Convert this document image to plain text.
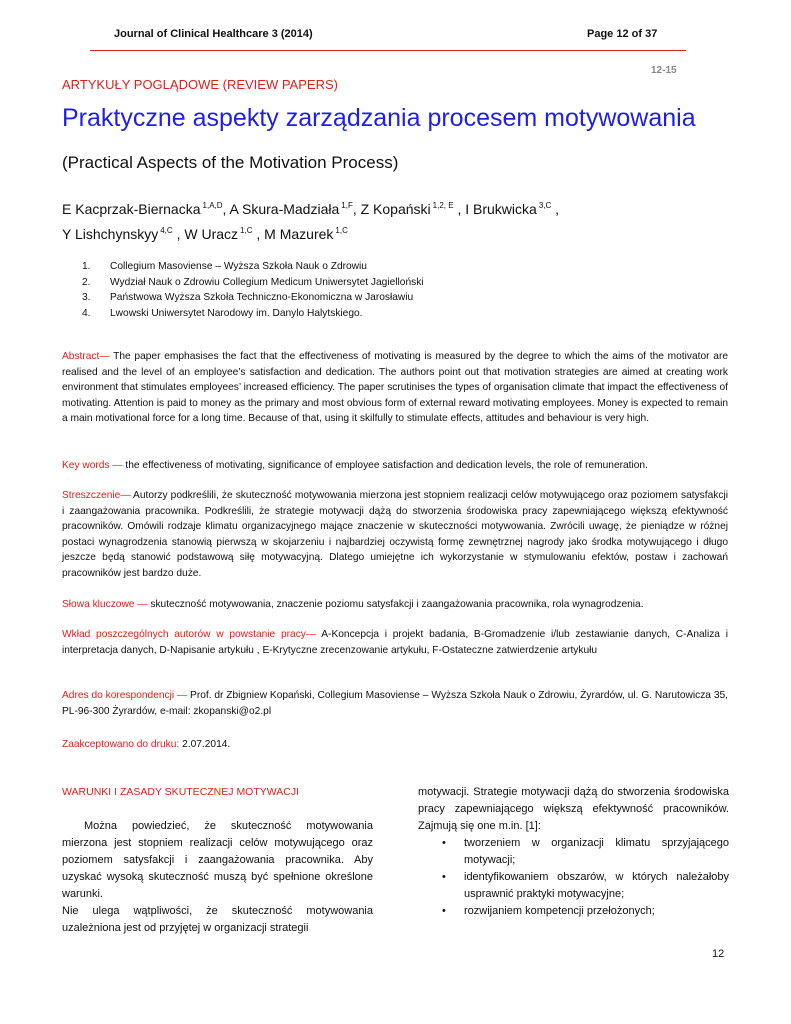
Journal of Clinical Healthcare 3 (2014)	Page 12 of 37
12-15
ARTYKUŁY POGLĄDOWE (REVIEW PAPERS)
Praktyczne aspekty zarządzania procesem motywowania
(Practical Aspects of the Motivation Process)
E Kacprzak-Biernacka $^{1,A,D}$, A Skura-Madziała $^{1,F}$, Z Kopański $^{1,2, E}$ , I Brukwicka $^{3,C}$ ,
Y Lishchynskyy $^{4,C}$ , W Uracz $^{1,C}$ , M Mazurek $^{1,C}$
1. Collegium Masoviense – Wyższa Szkoła Nauk o Zdrowiu
2. Wydział Nauk o Zdrowiu Collegium Medicum Uniwersytet Jagielloński
3. Państwowa Wyższa Szkoła Techniczno-Ekonomiczna w Jarosławiu
4. Lwowski Uniwersytet Narodowy im. Danylo Halytskiego.
Abstract— The paper emphasises the fact that the effectiveness of motivating is measured by the degree to which the aims of the motivator are realised and the level of an employee’s satisfaction and dedication. The authors point out that motivation strategies are aimed at creating work environment that stimulates employees’ increased efficiency. The paper scrutinises the types of organisation climate that impact the effectiveness of motivating. Attention is paid to money as the primary and most obvious form of external reward motivating employees. Money is expected to remain a main motivational force for a long time. Because of that, using it skilfully to stimulate effects, attitudes and behaviour is very high.
Key words — the effectiveness of motivating, significance of employee satisfaction and dedication levels, the role of remuneration.
Streszczenie— Autorzy podkreślili, że skuteczność motywowania mierzona jest stopniem realizacji celów motywującego oraz poziomem satysfakcji i zaangażowania pracownika. Podkreślili, że strategie motywacji dążą do stworzenia środowiska pracy zapewniającego większą efektywność pracowników. Omówili rodzaje klimatu organizacyjnego mające znaczenie w skuteczności motywowania. Zwrócili uwagę, że pieniądze w różnej postaci wynagrodzenia stanowią pierwszą w skojarzeniu i najbardziej oczywistą formę zewnętrznej nagrody jako środka motywującego i długo jeszcze będą stanowić podstawową siłę motywacyjną. Dlatego umiejętne ich wykorzystanie w stymulowaniu efektów, postaw i zachowań pracowników jest bardzo duże.
Słowa kluczowe — skuteczność motywowania, znaczenie poziomu satysfakcji i zaangażowania pracownika, rola wynagrodzenia.
Wkład poszczególnych autorów w powstanie pracy— A-Koncepcja i projekt badania, B-Gromadzenie i/lub zestawianie danych, C-Analiza i interpretacja danych, D-Napisanie artykułu , E-Krytyczne zrecenzowanie artykułu, F-Ostateczne zatwierdzenie artykułu
Adres do korespondencji — Prof. dr Zbigniew Kopański, Collegium Masoviense – Wyższa Szkoła Nauk o Zdrowiu, Żyrardów, ul. G. Narutowicza 35, PL-96-300 Żyrardów, e-mail: zkopanski@o2.pl
Zaakceptowano do druku: 2.07.2014.
WARUNKI I ZASADY SKUTECZNEJ MOTYWACJI
Można powiedzieć, że skuteczność motywowania mierzona jest stopniem realizacji celów motywującego oraz poziomem satysfakcji i zaangażowania pracownika. Aby uzyskać wysoką skuteczność muszą być spełnione określone warunki.
Nie ulega wątpliwości, że skuteczność motywowania uzależniona jest od przyjętej w organizacji strategii
motywacji. Strategie motywacji dążą do stworzenia środowiska pracy zapewniającego większą efektywność pracowników. Zajmują się one m.in. [1]:
• tworzeniem w organizacji klimatu sprzyjającego motywacji;
• identyfikowaniem obszarów, w których należałoby usprawnić praktyki motywacyjne;
• rozwijaniem kompetencji przełożonych;
12
